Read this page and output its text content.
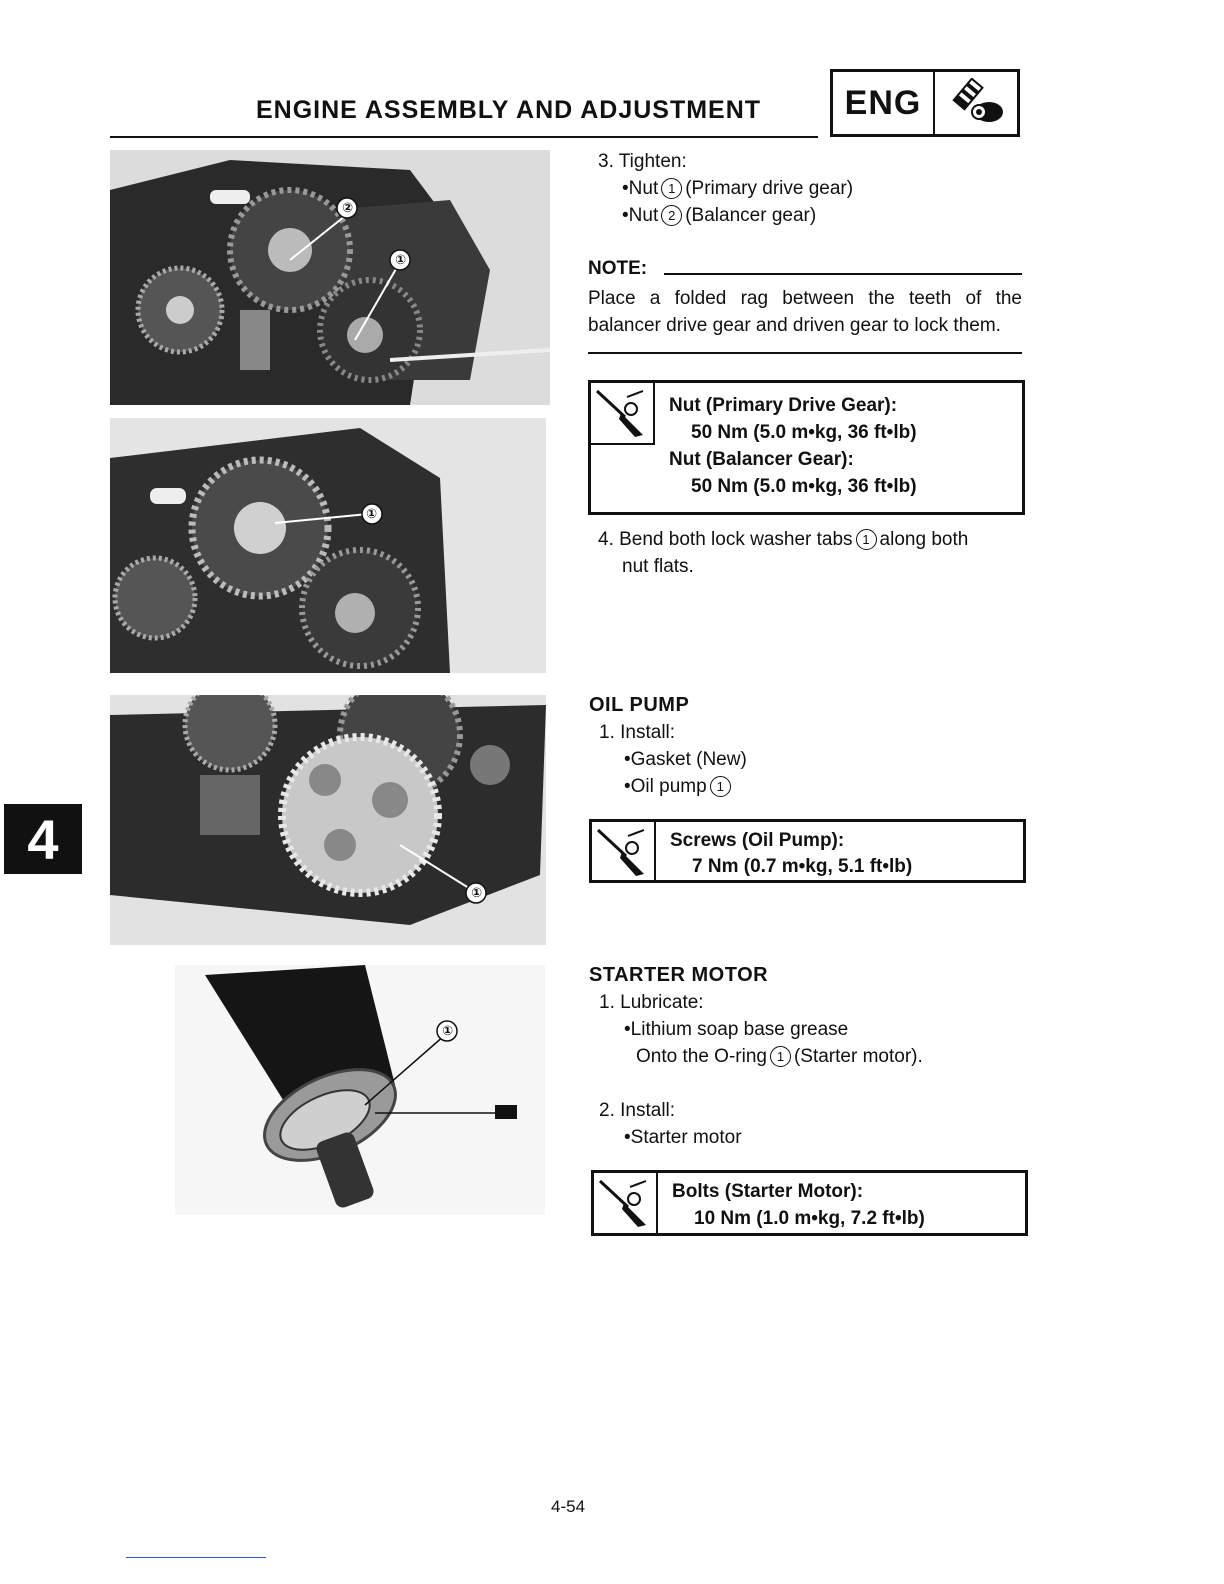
ENGINE ASSEMBLY AND ADJUSTMENT	ENG
4
②
①
①
①
①
3. Tighten:
•Nut 1 (Primary drive gear)
•Nut 2 (Balancer gear)
NOTE:
Place a folded rag between the teeth of the balancer drive gear and driven gear to lock them.
Nut (Primary Drive Gear):
50 Nm (5.0 m•kg, 36 ft•lb)
Nut (Balancer Gear):
50 Nm (5.0 m•kg, 36 ft•lb)
4. Bend both lock washer tabs 1 along both
nut flats.
OIL PUMP
1. Install:
•Gasket (New)
•Oil pump 1
Screws (Oil Pump):
7 Nm (0.7 m•kg, 5.1 ft•lb)
STARTER MOTOR
1. Lubricate:
•Lithium soap base grease
Onto the O-ring 1 (Starter motor).
2. Install:
•Starter motor
Bolts (Starter Motor):
10 Nm (1.0 m•kg, 7.2 ft•lb)
4-54
